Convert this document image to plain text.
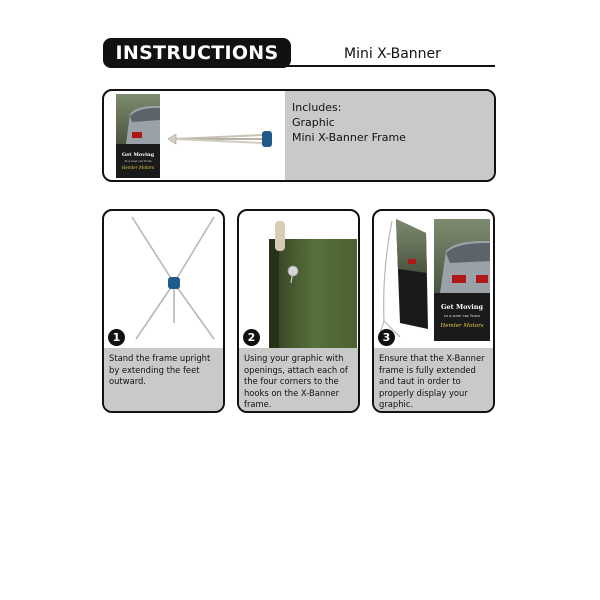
INSTRUCTIONS	Mini X-Banner
Get Moving
in a new car from
Hemler Motors
Includes:
Graphic
Mini X-Banner Frame
1
Stand the frame upright by extending the feet outward.
2
Using your graphic with openings, attach each of the four corners to the hooks on the X-Banner frame.
Get Moving
in a new car from
Hemler Motors
3
Ensure that the X-Banner frame is fully extended and taut in order to properly display your graphic.
